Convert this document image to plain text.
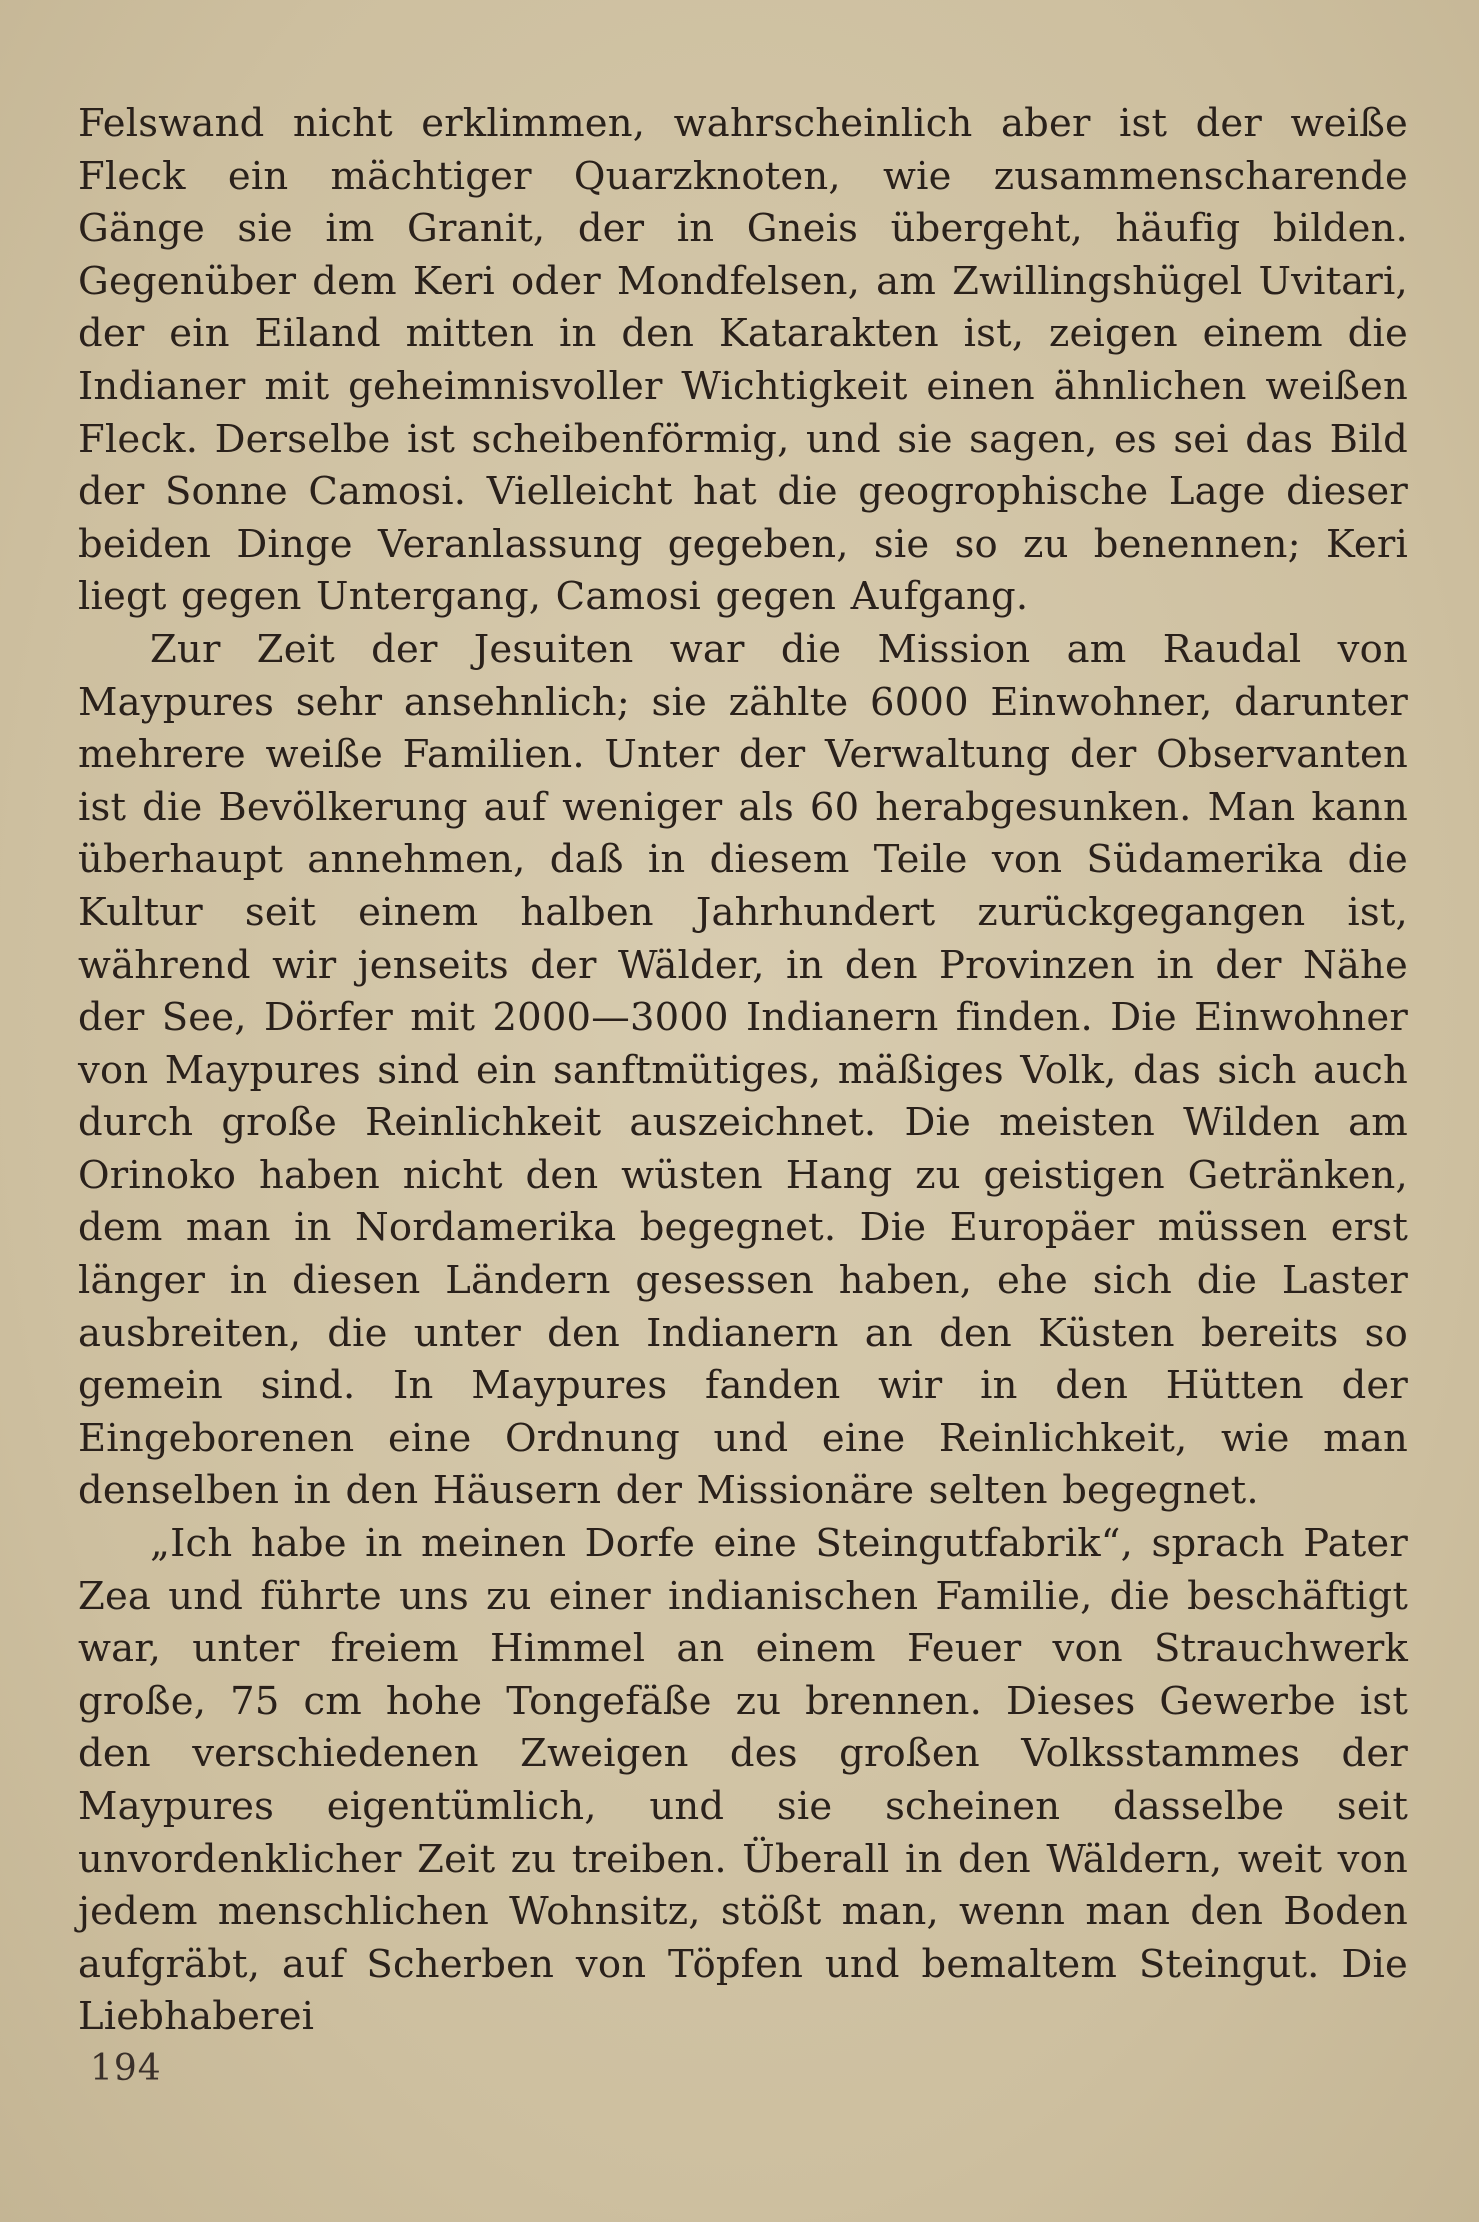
Felswand nicht erklimmen, wahrscheinlich aber ist der weiße Fleck ein mächtiger Quarzknoten, wie zusammenscharende Gänge sie im Granit, der in Gneis übergeht, häufig bilden. Gegenüber dem Keri oder Mondfelsen, am Zwillingshügel Uvitari, der ein Eiland mitten in den Katarakten ist, zeigen einem die Indianer mit geheimnisvoller Wichtigkeit einen ähnlichen weißen Fleck. Derselbe ist scheibenförmig, und sie sagen, es sei das Bild der Sonne Camosi. Vielleicht hat die geogrophische Lage dieser beiden Dinge Veranlassung gegeben, sie so zu benennen; Keri liegt gegen Untergang, Camosi gegen Aufgang.

Zur Zeit der Jesuiten war die Mission am Raudal von Maypures sehr ansehnlich; sie zählte 6000 Einwohner, darunter mehrere weiße Familien. Unter der Verwaltung der Observanten ist die Bevölkerung auf weniger als 60 herabgesunken. Man kann überhaupt annehmen, daß in diesem Teile von Südamerika die Kultur seit einem halben Jahrhundert zurückgegangen ist, während wir jenseits der Wälder, in den Provinzen in der Nähe der See, Dörfer mit 2000—3000 Indianern finden. Die Einwohner von Maypures sind ein sanftmütiges, mäßiges Volk, das sich auch durch große Reinlichkeit auszeichnet. Die meisten Wilden am Orinoko haben nicht den wüsten Hang zu geistigen Getränken, dem man in Nordamerika begegnet. Die Europäer müssen erst länger in diesen Ländern gesessen haben, ehe sich die Laster ausbreiten, die unter den Indianern an den Küsten bereits so gemein sind. In Maypures fanden wir in den Hütten der Eingeborenen eine Ordnung und eine Reinlichkeit, wie man denselben in den Häusern der Missionäre selten begegnet.

„Ich habe in meinen Dorfe eine Steingutfabrik“, sprach Pater Zea und führte uns zu einer indianischen Familie, die beschäftigt war, unter freiem Himmel an einem Feuer von Strauchwerk große, 75 cm hohe Tongefäße zu brennen. Dieses Gewerbe ist den verschiedenen Zweigen des großen Volksstammes der Maypures eigentümlich, und sie scheinen dasselbe seit unvordenklicher Zeit zu treiben. Überall in den Wäldern, weit von jedem menschlichen Wohnsitz, stößt man, wenn man den Boden aufgräbt, auf Scherben von Töpfen und bemaltem Steingut. Die Liebhaberei

194
